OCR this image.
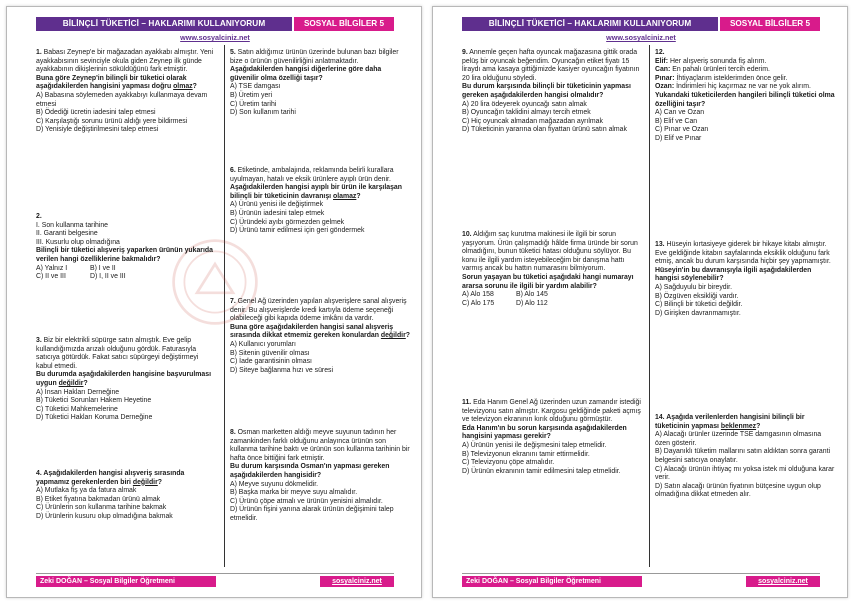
BİLİNÇLİ TÜKETİCİ – HAKLARIMI KULLANIYORUM	SOSYAL BİLGİLER 5
www.sosyalciniz.net
1. Babası Zeynep'e bir mağazadan ayakkabı almıştır. Yeni ayakkabısının sevinciyle okula giden Zeynep ilk günde ayakkabının dikişlerinin söküldüğünü fark etmiştir.
Buna göre Zeynep'in bilinçli bir tüketici olarak aşağıdakilerden hangisini yapması doğru olmaz?
A) Babasına söylemeden ayakkabıyı kullanmaya devam etmesi
B) Ödediği ücretin iadesini talep etmesi
C) Karşılaştığı sorunu ürünü aldığı yere bildirmesi
D) Yenisiyle değiştirilmesini talep etmesi
2.
I. Son kullanma tarihine
II. Garanti belgesine
III. Kusurlu olup olmadığına
Bilinçli bir tüketici alışveriş yaparken ürünün yukarıda verilen hangi özelliklerine bakmalıdır?
A) Yalnız I	B) I ve II
C) II ve III	D) I, II ve III
3. Biz bir elektrikli süpürge satın almıştık. Eve gelip kullandığımızda arızalı olduğunu gördük. Faturasıyla satıcıya götürdük. Fakat satıcı süpürgeyi değiştirmeyi kabul etmedi.
Bu durumda aşağıdakilerden hangisine başvurulması uygun değildir?
A) İnsan Hakları Derneğine
B) Tüketici Sorunları Hakem Heyetine
C) Tüketici Mahkemelerine
D) Tüketici Hakları Koruma Derneğine
4. Aşağıdakilerden hangisi alışveriş sırasında yapmamız gerekenlerden biri değildir?
A) Mutlaka fiş ya da fatura almak
B) Etiket fiyatına bakmadan ürünü almak
C) Ürünlerin son kullanma tarihine bakmak
D) Ürünlerin kusuru olup olmadığına bakmak
5. Satın aldığımız ürünün üzerinde bulunan bazı bilgiler bize o ürünün güvenilirliğini anlatmaktadır.
Aşağıdakilerden hangisi diğerlerine göre daha güvenilir olma özelliği taşır?
A) TSE damgası
B) Üretim yeri
C) Üretim tarihi
D) Son kullanım tarihi
6. Etiketinde, ambalajında, reklamında belirli kurallara uyulmayan, hatalı ve eksik ürünlere ayıplı ürün denir.
Aşağıdakilerden hangisi ayıplı bir ürün ile karşılaşan bilinçli bir tüketicinin davranışı olamaz?
A) Ürünü yenisi ile değiştirmek
B) Ürünün iadesini talep etmek
C) Üründeki ayıbı görmezden gelmek
D) Ürünü tamir edilmesi için geri göndermek
7. Genel Ağ üzerinden yapılan alışverişlere sanal alışveriş denir. Bu alışverişlerde kredi kartıyla ödeme seçeneği olabileceği gibi kapıda ödeme imkânı da vardır.
Buna göre aşağıdakilerden hangisi sanal alışveriş sırasında dikkat etmemiz gereken konulardan değildir?
A) Kullanıcı yorumları
B) Sitenin güvenilir olması
C) İade garantisinin olması
D) Siteye bağlanma hızı ve süresi
8. Osman marketten aldığı meyve suyunun tadının her zamankinden farklı olduğunu anlayınca ürünün son kullanma tarihine baktı ve ürünün son kullanma tarihinin bir hafta önce bittiğini fark etmiştir.
Bu durum karşısında Osman'ın yapması gereken aşağıdakilerden hangisidir?
A) Meyve suyunu dökmelidir.
B) Başka marka bir meyve suyu almalıdır.
C) Ürünü çöpe atmalı ve ürünün yenisini almalıdır.
D) Ürünün fişini yanına alarak ürünün değişimini talep etmelidir.
Zeki DOĞAN – Sosyal Bilgiler Öğretmeni	sosyalciniz.net
BİLİNÇLİ TÜKETİCİ – HAKLARIMI KULLANIYORUM	SOSYAL BİLGİLER 5
www.sosyalciniz.net
9. Annemle geçen hafta oyuncak mağazasına gittik orada pelüş bir oyuncak beğendim. Oyuncağın etiket fiyatı 15 liraydı ama kasaya gittiğimizde kasiyer oyuncağın fiyatının 20 lira olduğunu söyledi.
Bu durum karşısında bilinçli bir tüketicinin yapması gereken aşağıdakilerden hangisi olmalıdır?
A) 20 lira ödeyerek oyuncağı satın almak
B) Oyuncağın taklidini almayı tercih etmek
C) Hiç oyuncak almadan mağazadan ayrılmak
D) Tüketicinin yararına olan fiyattan ürünü satın almak
10. Aldığım saç kurutma makinesi ile ilgili bir sorun yaşıyorum. Ürün çalışmadığı hâlde firma üründe bir sorun olmadığını, bunun tüketici hatası olduğunu söylüyor. Bu konu ile ilgili yardım isteyebileceğim bir danışma hattı varmış ancak bu hattın numarasını bilmiyorum.
Sorun yaşayan bu tüketici aşağıdaki hangi numarayı ararsa sorunu ile ilgili bir yardım alabilir?
A) Alo 158	B) Alo 145
C) Alo 175	D) Alo 112
11. Eda Hanım Genel Ağ üzerinden uzun zamandır istediği televizyonu satın almıştır. Kargosu geldiğinde paketi açmış ve televizyon ekranının kırık olduğunu görmüştür.
Eda Hanım'ın bu sorun karşısında aşağıdakilerden hangisini yapması gerekir?
A) Ürünün yenisi ile değişmesini talep etmelidir.
B) Televizyonun ekranını tamir ettirmelidir.
C) Televizyonu çöpe atmalıdır.
D) Ürünün ekranının tamir edilmesini talep etmelidir.
12.
Elif: Her alışveriş sonunda fiş alırım.
Can: En pahalı ürünleri tercih ederim.
Pınar: İhtiyaçlarım isteklerimden önce gelir.
Ozan: İndirimleri hiç kaçırmaz ne var ne yok alırım.
Yukarıdaki tüketicilerden hangileri bilinçli tüketici olma özelliğini taşır?
A) Can ve Ozan
B) Elif ve Can
C) Pınar ve Ozan
D) Elif ve Pınar
13. Hüseyin kırtasiyeye giderek bir hikaye kitabı almıştır. Eve geldiğinde kitabın sayfalarında eksiklik olduğunu fark etmiş, ancak bu durum karşısında hiçbir şey yapmamıştır.
Hüseyin'in bu davranışıyla ilgili aşağıdakilerden hangisi söylenebilir?
A) Sağduyulu bir bireydir.
B) Özgüven eksikliği vardır.
C) Bilinçli bir tüketici değildir.
D) Girişken davranmamıştır.
14. Aşağıda verilenlerden hangisini bilinçli bir tüketicinin yapması beklenmez?
A) Alacağı ürünler üzerinde TSE damgasının olmasına özen gösterir.
B) Dayanıklı tüketim mallarını satın aldıktan sonra garanti belgesini satıcıya onaylatır.
C) Alacağı ürünün ihtiyaç mı yoksa istek mi olduğuna karar verir.
D) Satın alacağı ürünün fiyatının bütçesine uygun olup olmadığına dikkat etmeden alır.
Zeki DOĞAN – Sosyal Bilgiler Öğretmeni	sosyalciniz.net
